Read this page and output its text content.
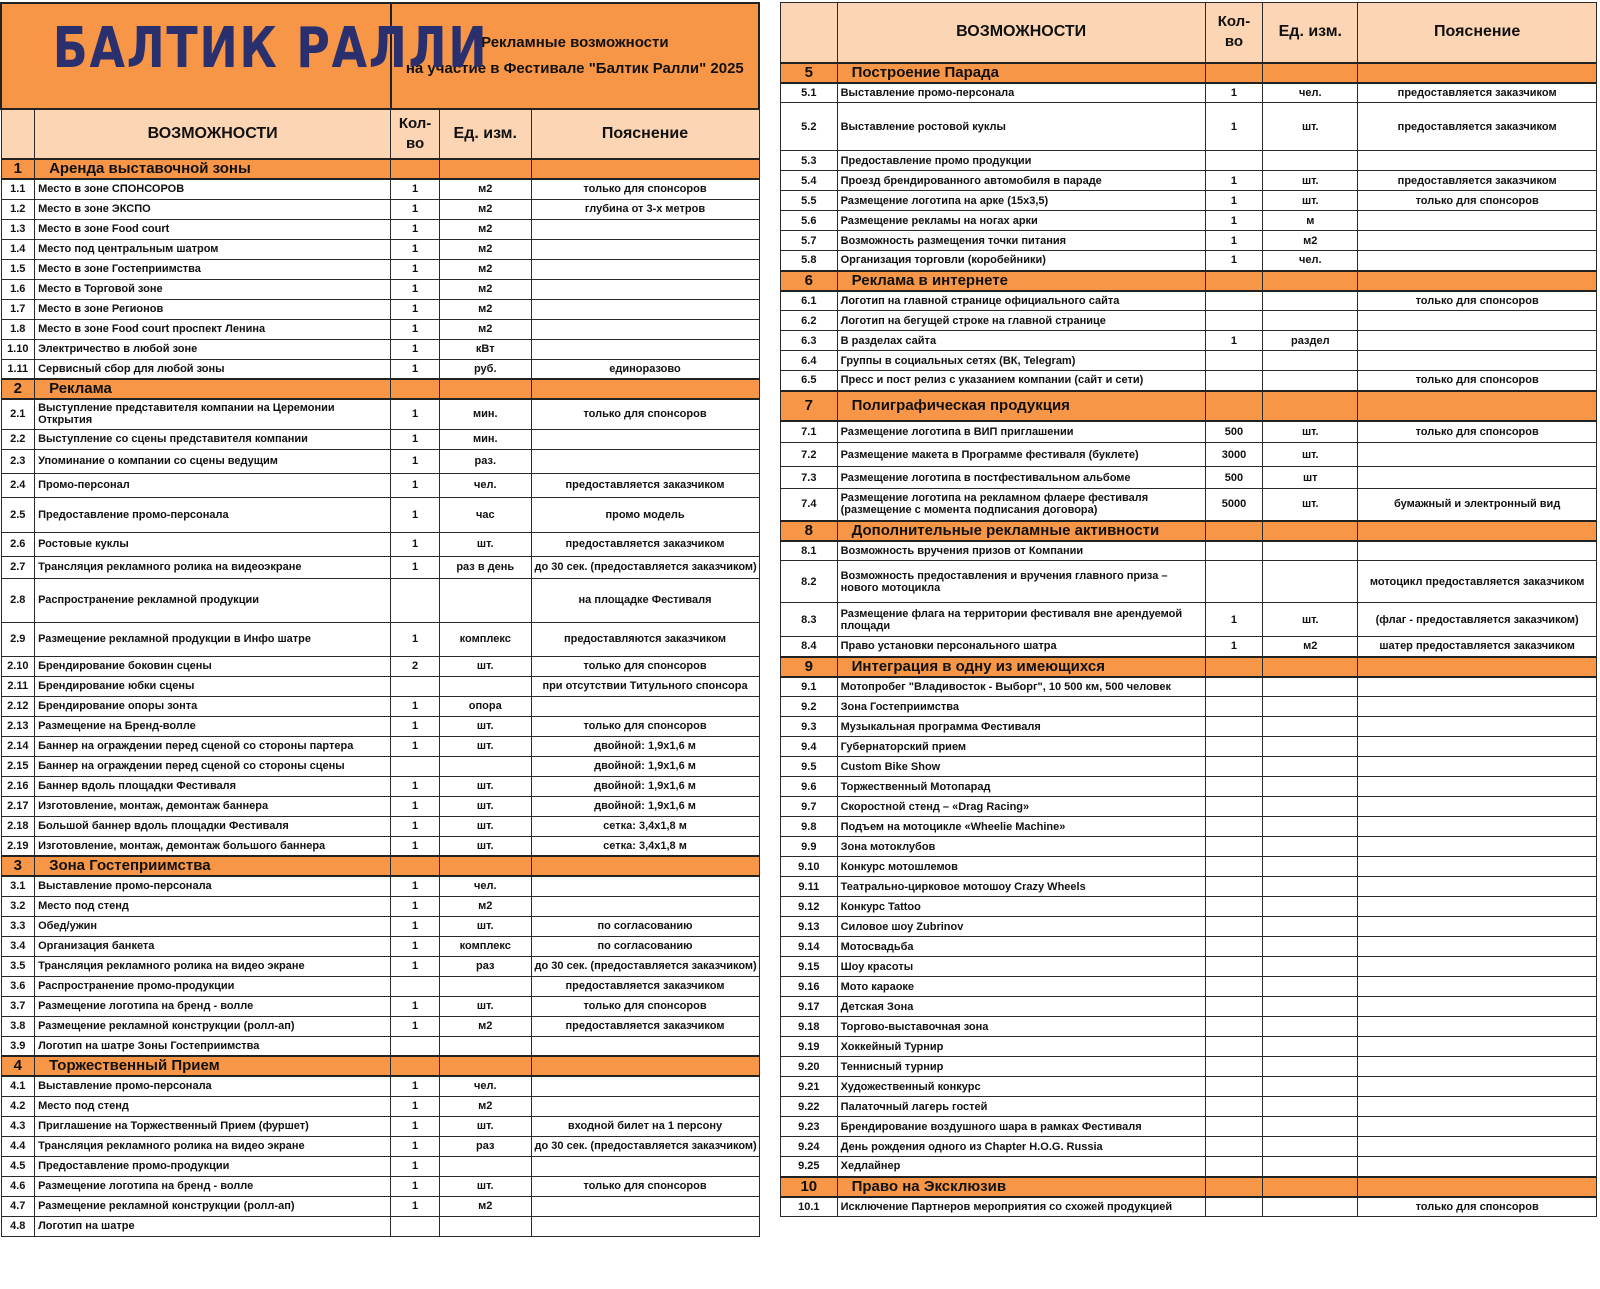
БАЛТИК РАЛЛИ		Рекламные возможности
на участие в Фестивале "Балтик Ралли" 2025		

	ВОЗМОЖНОСТИ	Кол-во	Ед. изм.	Пояснение
1	Аренда выставочной зоны			
1.1	Место в зоне СПОНСОРОВ	1	м2	только для спонсоров
1.2	Место в зоне ЭКСПО	1	м2	глубина от 3-х метров
1.3	Место в зоне Food court	1	м2	
1.4	Место под центральным шатром	1	м2	
1.5	Место в зоне Гостеприимства	1	м2	
1.6	Место в Торговой зоне	1	м2	
1.7	Место в зоне Регионов	1	м2	
1.8	Место в зоне Food court проспект Ленина	1	м2	
1.10	Электричество в любой зоне	1	кВт	
1.11	Сервисный сбор для любой зоны	1	руб.	единоразово
2	Реклама			
2.1	Выступление представителя компании на Церемонии Открытия	1	мин.	только для спонсоров
2.2	Выступление со сцены представителя компании	1	мин.	
2.3	Упоминание о компании со сцены ведущим	1	раз.	
2.4	Промо-персонал	1	чел.	предоставляется заказчиком
2.5	Предоставление промо-персонала	1	час	промо модель
2.6	Ростовые куклы	1	шт.	предоставляется заказчиком
2.7	Трансляция рекламного ролика на видеоэкране	1	раз в день	до 30 сек. (предоставляется заказчиком)
2.8	Распространение рекламной продукции			на площадке Фестиваля
2.9	Размещение рекламной продукции в Инфо шатре	1	комплекс	предоставляются заказчиком
2.10	Брендирование боковин сцены	2	шт.	только для спонсоров
2.11	Брендирование юбки сцены			при отсутствии Титульного спонсора
2.12	Брендирование опоры зонта	1	опора	
2.13	Размещение на Бренд-волле	1	шт.	только для спонсоров
2.14	Баннер на ограждении перед сценой со стороны партера	1	шт.	двойной: 1,9х1,6 м
2.15	Баннер на ограждении перед сценой со стороны сцены			двойной: 1,9х1,6 м
2.16	Баннер вдоль площадки Фестиваля	1	шт.	двойной: 1,9х1,6 м
2.17	Изготовление, монтаж, демонтаж баннера	1	шт.	двойной: 1,9х1,6 м
2.18	Большой баннер вдоль площадки Фестиваля	1	шт.	сетка: 3,4х1,8 м
2.19	Изготовление, монтаж, демонтаж большого баннера	1	шт.	сетка: 3,4х1,8 м
3	Зона Гостеприимства			
3.1	Выставление промо-персонала	1	чел.	
3.2	Место под стенд	1	м2	
3.3	Обед/ужин	1	шт.	по согласованию
3.4	Организация банкета	1	комплекс	по согласованию
3.5	Трансляция рекламного ролика на видео экране	1	раз	до 30 сек. (предоставляется заказчиком)
3.6	Распространение промо-продукции			предоставляется заказчиком
3.7	Размещение логотипа на бренд - волле	1	шт.	только для спонсоров
3.8	Размещение рекламной конструкции (ролл-ап)	1	м2	предоставляется заказчиком
3.9	Логотип на шатре Зоны Гостеприимства			
4	Торжественный Прием			
4.1	Выставление промо-персонала	1	чел.	
4.2	Место под стенд	1	м2	
4.3	Приглашение на Торжественный Прием (фуршет)	1	шт.	входной билет на 1 персону
4.4	Трансляция рекламного ролика на видео экране	1	раз	до 30 сек. (предоставляется заказчиком)
4.5	Предоставление промо-продукции	1		
4.6	Размещение логотипа на бренд - волле	1	шт.	только для спонсоров
4.7	Размещение рекламной конструкции (ролл-ап)	1	м2	
4.8	Логотип на шатре			
	ВОЗМОЖНОСТИ	Кол-во	Ед. изм.	Пояснение
5	Построение Парада			
5.1	Выставление промо-персонала	1	чел.	предоставляется заказчиком
5.2	Выставление ростовой куклы	1	шт.	предоставляется заказчиком
5.3	Предоставление промо продукции			
5.4	Проезд брендированного автомобиля в параде	1	шт.	предоставляется заказчиком
5.5	Размещение логотипа на арке (15х3,5)	1	шт.	только для спонсоров
5.6	Размещение рекламы на ногах арки	1	м	
5.7	Возможность размещения точки питания	1	м2	
5.8	Организация торговли (коробейники)	1	чел.	
6	Реклама в интернете			
6.1	Логотип на главной странице официального сайта			только для спонсоров
6.2	Логотип на бегущей строке на главной странице			
6.3	В разделах сайта	1	раздел	
6.4	Группы в социальных сетях (ВК, Telegram)			
6.5	Пресс и пост релиз с указанием компании (сайт и сети)			только для спонсоров
7	Полиграфическая продукция			
7.1	Размещение логотипа в ВИП приглашении	500	шт.	только для спонсоров
7.2	Размещение макета в Программе фестиваля (буклете)	3000	шт.	
7.3	Размещение логотипа в постфестивальном альбоме	500	шт	
7.4	Размещение логотипа на рекламном флаере фестиваля (размещение с момента подписания договора)	5000	шт.	бумажный и электронный вид
8	Дополнительные рекламные активности			
8.1	Возможность вручения призов от Компании			
8.2	Возможность предоставления и вручения главного приза – нового мотоцикла			мотоцикл предоставляется заказчиком
8.3	Размещение флага на территории фестиваля вне арендуемой площади	1	шт.	(флаг - предоставляется заказчиком)
8.4	Право установки персонального шатра	1	м2	шатер предоставляется заказчиком
9	Интеграция в одну из имеющихся			
9.1	Мотопробег "Владивосток - Выборг", 10 500 км, 500 человек			
9.2	Зона Гостеприимства			
9.3	Музыкальная программа Фестиваля			
9.4	Губернаторский прием			
9.5	Custom Bike Show			
9.6	Торжественный Мотопарад			
9.7	Скоростной стенд – «Drag Racing»			
9.8	Подъем на мотоцикле «Wheelie Machine»			
9.9	Зона мотоклубов			
9.10	Конкурс мотошлемов			
9.11	Театрально-цирковое мотошоу Crazy Wheels			
9.12	Конкурс Tattoo			
9.13	Силовое шоу Zubrinov			
9.14	Мотосвадьба			
9.15	Шоу красоты			
9.16	Мото караоке			
9.17	Детская Зона			
9.18	Торгово-выставочная зона			
9.19	Хоккейный Турнир			
9.20	Теннисный турнир			
9.21	Художественный конкурс			
9.22	Палаточный лагерь гостей			
9.23	Брендирование воздушного шара в рамках Фестиваля			
9.24	День рождения одного из Chapter H.O.G. Russia			
9.25	Хедлайнер			
10	Право на Эксклюзив			
10.1	Исключение Партнеров мероприятия со схожей продукцией			только для спонсоров
